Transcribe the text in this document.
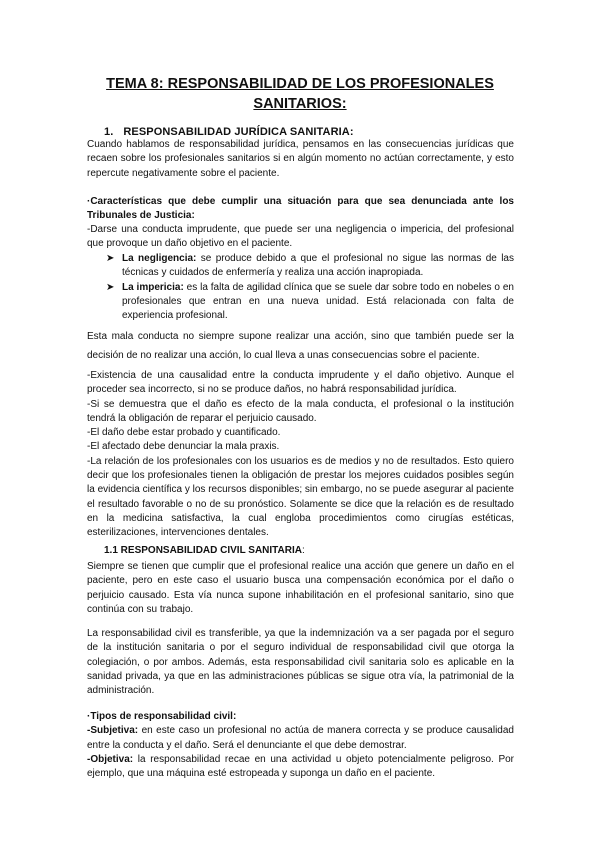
TEMA 8: RESPONSABILIDAD DE LOS PROFESIONALES
SANITARIOS:
1. RESPONSABILIDAD JURÍDICA SANITARIA:
Cuando hablamos de responsabilidad jurídica, pensamos en las consecuencias jurídicas que recaen sobre los profesionales sanitarios si en algún momento no actúan correctamente, y esto repercute negativamente sobre el paciente.
·Características que debe cumplir una situación para que sea denunciada ante los Tribunales de Justicia:
-Darse una conducta imprudente, que puede ser una negligencia o impericia, del profesional que provoque un daño objetivo en el paciente.
➤ La negligencia: se produce debido a que el profesional no sigue las normas de las técnicas y cuidados de enfermería y realiza una acción inapropiada.
➤ La impericia: es la falta de agilidad clínica que se suele dar sobre todo en nobeles o en profesionales que entran en una nueva unidad. Está relacionada con falta de experiencia profesional.
Esta mala conducta no siempre supone realizar una acción, sino que también puede ser la decisión de no realizar una acción, lo cual lleva a unas consecuencias sobre el paciente.
-Existencia de una causalidad entre la conducta imprudente y el daño objetivo. Aunque el proceder sea incorrecto, si no se produce daños, no habrá responsabilidad jurídica.
-Si se demuestra que el daño es efecto de la mala conducta, el profesional o la institución tendrá la obligación de reparar el perjuicio causado.
-El daño debe estar probado y cuantificado.
-El afectado debe denunciar la mala praxis.
-La relación de los profesionales con los usuarios es de medios y no de resultados. Esto quiero decir que los profesionales tienen la obligación de prestar los mejores cuidados posibles según la evidencia científica y los recursos disponibles; sin embargo, no se puede asegurar al paciente el resultado favorable o no de su pronóstico. Solamente se dice que la relación es de resultado en la medicina satisfactiva, la cual engloba procedimientos como cirugías estéticas, esterilizaciones, intervenciones dentales.
1.1 RESPONSABILIDAD CIVIL SANITARIA:
Siempre se tienen que cumplir que el profesional realice una acción que genere un daño en el paciente, pero en este caso el usuario busca una compensación económica por el daño o perjuicio causado. Esta vía nunca supone inhabilitación en el profesional sanitario, sino que continúa con su trabajo.
La responsabilidad civil es transferible, ya que la indemnización va a ser pagada por el seguro de la institución sanitaria o por el seguro individual de responsabilidad civil que otorga la colegiación, o por ambos. Además, esta responsabilidad civil sanitaria solo es aplicable en la sanidad privada, ya que en las administraciones públicas se sigue otra vía, la patrimonial de la administración.
·Tipos de responsabilidad civil:
-Subjetiva: en este caso un profesional no actúa de manera correcta y se produce causalidad entre la conducta y el daño. Será el denunciante el que debe demostrar.
-Objetiva: la responsabilidad recae en una actividad u objeto potencialmente peligroso. Por ejemplo, que una máquina esté estropeada y suponga un daño en el paciente.
